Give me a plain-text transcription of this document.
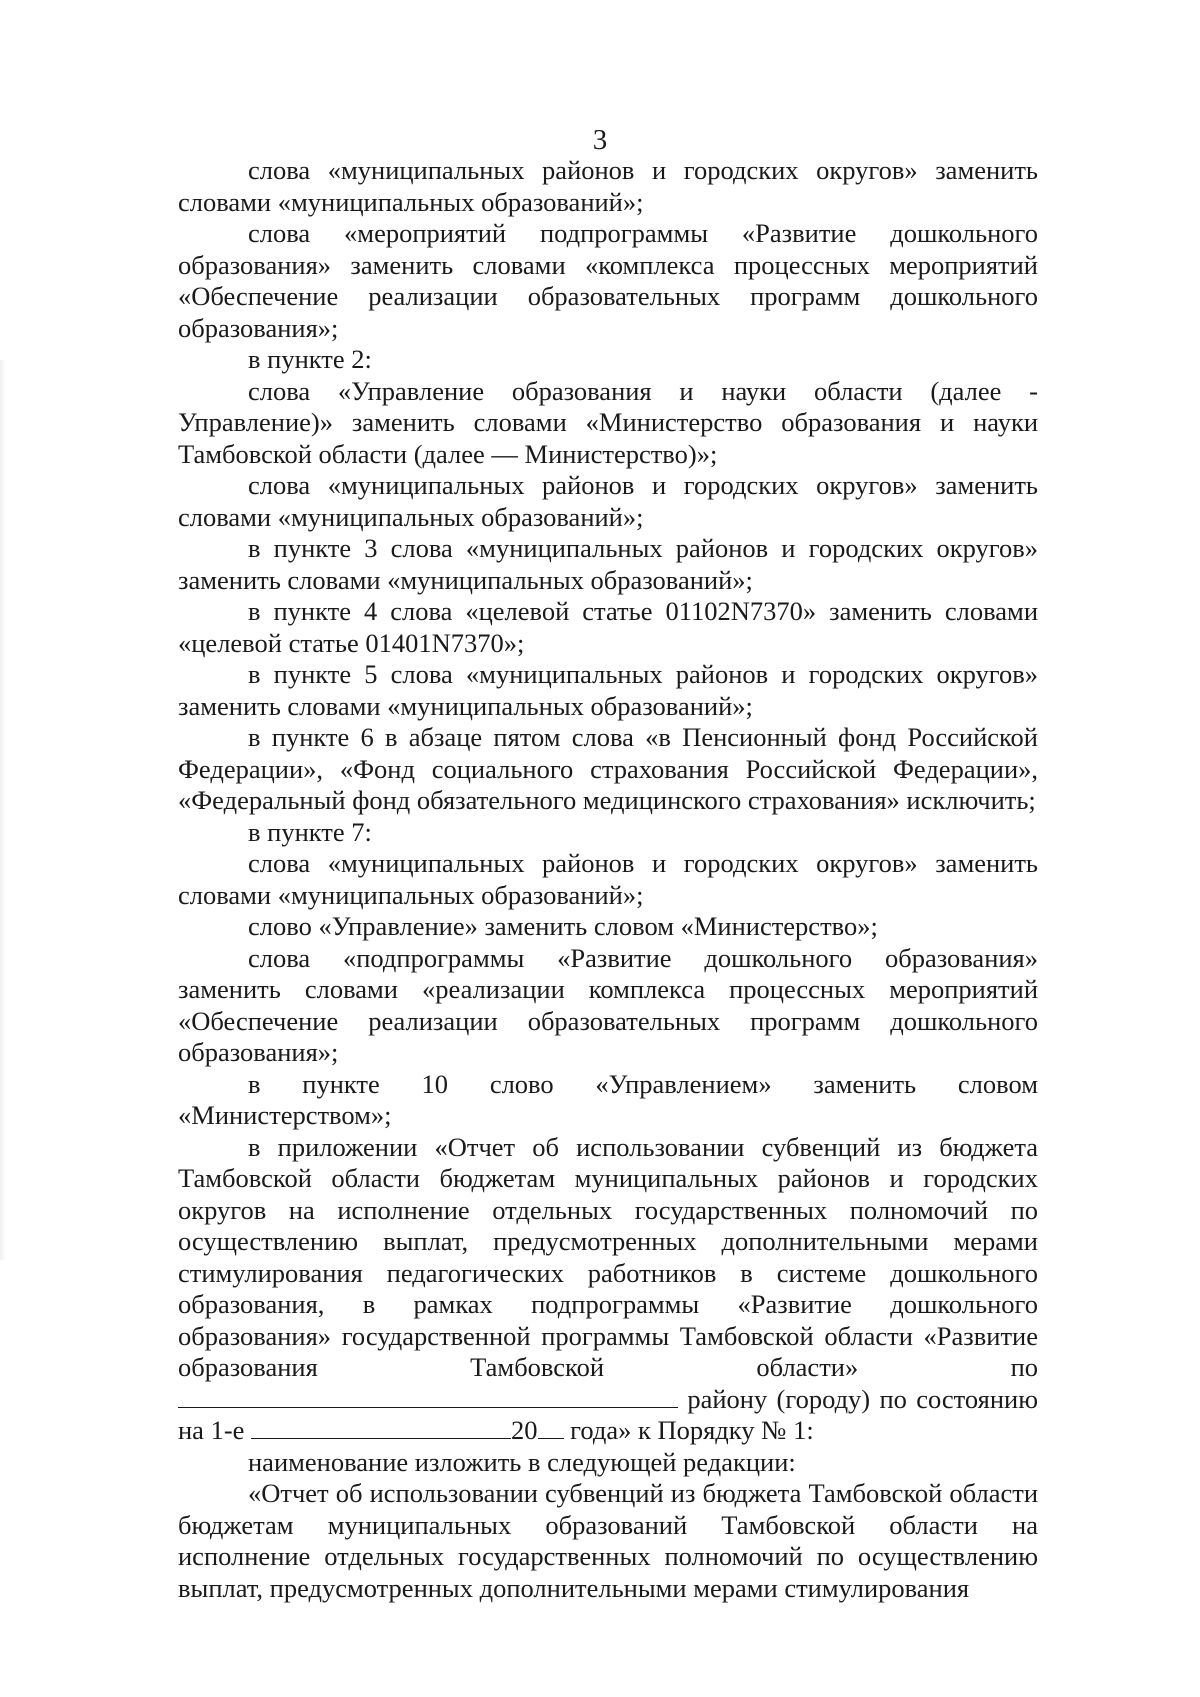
3

слова «муниципальных районов и городских округов» заменить словами «муниципальных образований»;

слова «мероприятий подпрограммы «Развитие дошкольного образования» заменить словами «комплекса процессных мероприятий «Обеспечение реализации образовательных программ дошкольного образования»;

в пункте 2:

слова «Управление образования и науки области (далее - Управление)» заменить словами «Министерство образования и науки Тамбовской области (далее — Министерство)»;

слова «муниципальных районов и городских округов» заменить словами «муниципальных образований»;

в пункте 3 слова «муниципальных районов и городских округов» заменить словами «муниципальных образований»;

в пункте 4 слова «целевой статье 01102N7370» заменить словами «целевой статье 01401N7370»;

в пункте 5 слова «муниципальных районов и городских округов» заменить словами «муниципальных образований»;

в пункте 6 в абзаце пятом слова «в Пенсионный фонд Российской Федерации», «Фонд социального страхования Российской Федерации», «Федеральный фонд обязательного медицинского страхования» исключить;

в пункте 7:

слова «муниципальных районов и городских округов» заменить словами «муниципальных образований»;

слово «Управление» заменить словом «Министерство»;

слова «подпрограммы «Развитие дошкольного образования» заменить словами «реализации комплекса процессных мероприятий «Обеспечение реализации образовательных программ дошкольного образования»;

в пункте 10 слово «Управлением» заменить словом «Министерством»;

в приложении «Отчет об использовании субвенций из бюджета Тамбовской области бюджетам муниципальных районов и городских округов на исполнение отдельных государственных полномочий по осуществлению выплат, предусмотренных дополнительными мерами стимулирования педагогических работников в системе дошкольного образования, в рамках подпрограммы «Развитие дошкольного образования» государственной программы Тамбовской области «Развитие образования Тамбовской области» по  району (городу) по состоянию на 1-е	20 года» к Порядку № 1:

наименование изложить в следующей редакции:

«Отчет об использовании субвенций из бюджета Тамбовской области бюджетам муниципальных образований Тамбовской области на исполнение отдельных государственных полномочий по осуществлению выплат, предусмотренных дополнительными мерами стимулирования
